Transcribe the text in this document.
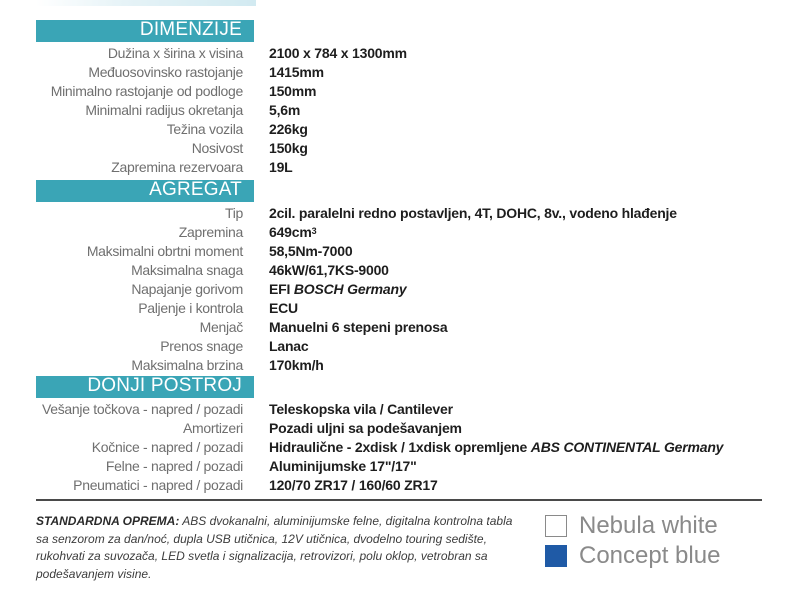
DIMENZIJE
Dužina x širina x visina 2100 x 784 x 1300mm
Međuosovinsko rastojanje 1415mm
Minimalno rastojanje od podloge 150mm
Minimalni radijus okretanja 5,6m
Težina vozila 226kg
Nosivost 150kg
Zapremina rezervoara 19L
AGREGAT
Tip 2cil. paralelni redno postavljen, 4T, DOHC, 8v., vodeno hlađenje
Zapremina $649cm^3$
Maksimalni obrtni moment 58,5Nm-7000
Maksimalna snaga 46kW/61,7KS-9000
Napajanje gorivom EFI BOSCH Germany
Paljenje i kontrola ECU
Menjač Manuelni 6 stepeni prenosa
Prenos snage Lanac
Maksimalna brzina 170km/h
DONJI POSTROJ
Vešanje točkova - napred / pozadi Teleskopska vila / Cantilever
Amortizeri Pozadi uljni sa podešavanjem
Kočnice - napred / pozadi Hidraulične - 2xdisk / 1xdisk opremljene ABS CONTINENTAL Germany
Felne - napred / pozadi Aluminijumske 17"/17"
Pneumatici - napred / pozadi 120/70 ZR17 / 160/60 ZR17
STANDARDNA OPREMA: ABS dvokanalni, aluminijumske felne, digitalna kontrolna tabla sa senzorom za dan/noć, dupla USB utičnica, 12V utičnica, dvodelno touring sedište, rukohvati za suvozača, LED svetla i signalizacija, retrovizori, polu oklop, vetrobran sa podešavanjem visine.
Nebula white
Concept blue
